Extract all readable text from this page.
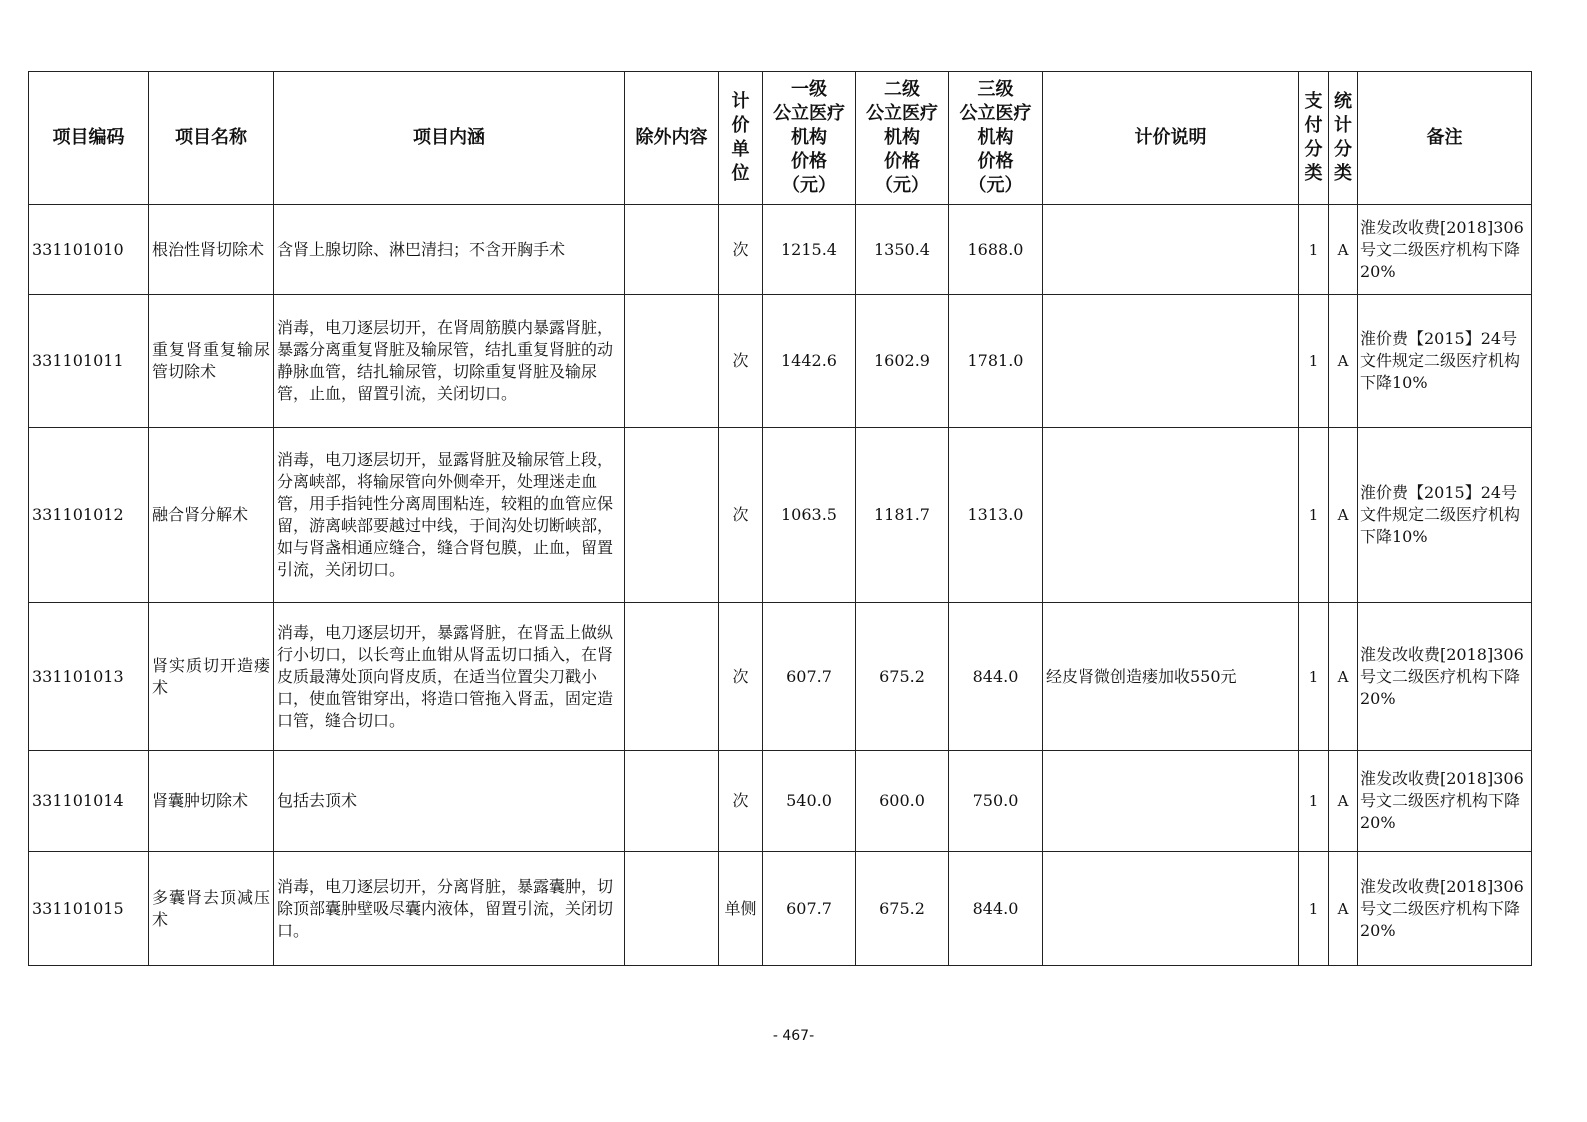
项目编码	项目名称	项目内涵	除外内容	计
价
单
位	一级
公立医疗
机构
价格
（元）	二级
公立医疗
机构
价格
（元）	三级
公立医疗
机构
价格
（元）	计价说明	支
付
分
类	统
计
分
类	备注
331101010	根治性肾切除术	含肾上腺切除、淋巴清扫；不含开胸手术		次	1215.4	1350.4	1688.0		1	A	淮发改收费[2018]306号文二级医疗机构下降20%
331101011	重复肾重复输尿管切除术	消毒，电刀逐层切开，在肾周筋膜内暴露肾脏，暴露分离重复肾脏及输尿管，结扎重复肾脏的动静脉血管，结扎输尿管，切除重复肾脏及输尿管，止血，留置引流，关闭切口。		次	1442.6	1602.9	1781.0		1	A	淮价费【2015】24号文件规定二级医疗机构下降10%
331101012	融合肾分解术	消毒，电刀逐层切开，显露肾脏及输尿管上段，分离峡部，将输尿管向外侧牵开，处理迷走血管，用手指钝性分离周围粘连，较粗的血管应保留，游离峡部要越过中线，于间沟处切断峡部，如与肾盏相通应缝合，缝合肾包膜，止血，留置引流，关闭切口。		次	1063.5	1181.7	1313.0		1	A	淮价费【2015】24号文件规定二级医疗机构下降10%
331101013	肾实质切开造瘘术	消毒，电刀逐层切开，暴露肾脏，在肾盂上做纵行小切口，以长弯止血钳从肾盂切口插入，在肾皮质最薄处顶向肾皮质，在适当位置尖刀戳小口，使血管钳穿出，将造口管拖入肾盂，固定造口管，缝合切口。		次	607.7	675.2	844.0	经皮肾微创造瘘加收550元	1	A	淮发改收费[2018]306号文二级医疗机构下降20%
331101014	肾囊肿切除术	包括去顶术		次	540.0	600.0	750.0		1	A	淮发改收费[2018]306号文二级医疗机构下降20%
331101015	多囊肾去顶减压术	消毒，电刀逐层切开，分离肾脏，暴露囊肿，切除顶部囊肿壁吸尽囊内液体，留置引流，关闭切口。		单侧	607.7	675.2	844.0		1	A	淮发改收费[2018]306号文二级医疗机构下降20%
- 467-
